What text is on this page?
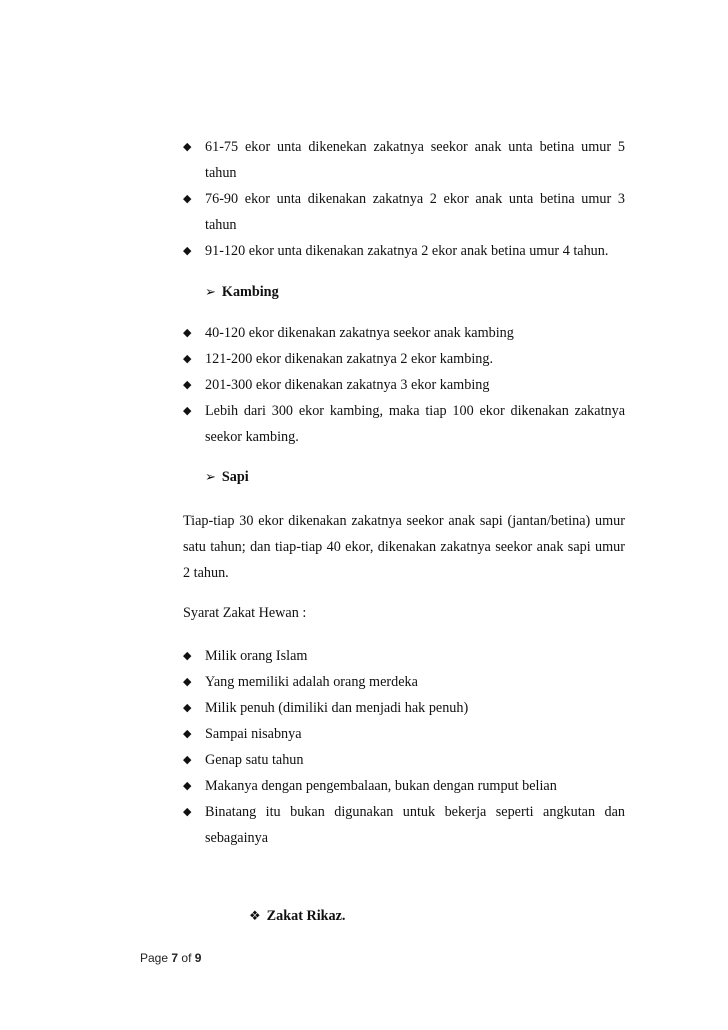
◆ 61-75 ekor unta dikenekan zakatnya seekor anak unta betina umur 5 tahun
◆ 76-90 ekor unta dikenakan zakatnya 2 ekor anak unta betina umur 3 tahun
◆ 91-120 ekor unta dikenakan zakatnya 2 ekor anak betina umur 4 tahun.
➢ Kambing
◆ 40-120 ekor dikenakan zakatnya seekor anak kambing
◆ 121-200 ekor dikenakan zakatnya 2 ekor kambing.
◆ 201-300 ekor dikenakan zakatnya 3 ekor kambing
◆ Lebih dari 300 ekor kambing, maka tiap 100 ekor dikenakan zakatnya seekor kambing.
➢ Sapi

Tiap-tiap 30 ekor dikenakan zakatnya seekor anak sapi (jantan/betina) umur satu tahun; dan tiap-tiap 40 ekor, dikenakan zakatnya seekor anak sapi umur 2 tahun.

Syarat Zakat Hewan :

◆ Milik orang Islam
◆ Yang memiliki adalah orang merdeka
◆ Milik penuh (dimiliki dan menjadi hak penuh)
◆ Sampai nisabnya
◆ Genap satu tahun
◆ Makanya dengan pengembalaan, bukan dengan rumput belian
◆ Binatang itu bukan digunakan untuk bekerja seperti angkutan dan sebagainya
❖ Zakat Rikaz.
Page 7 of 9
